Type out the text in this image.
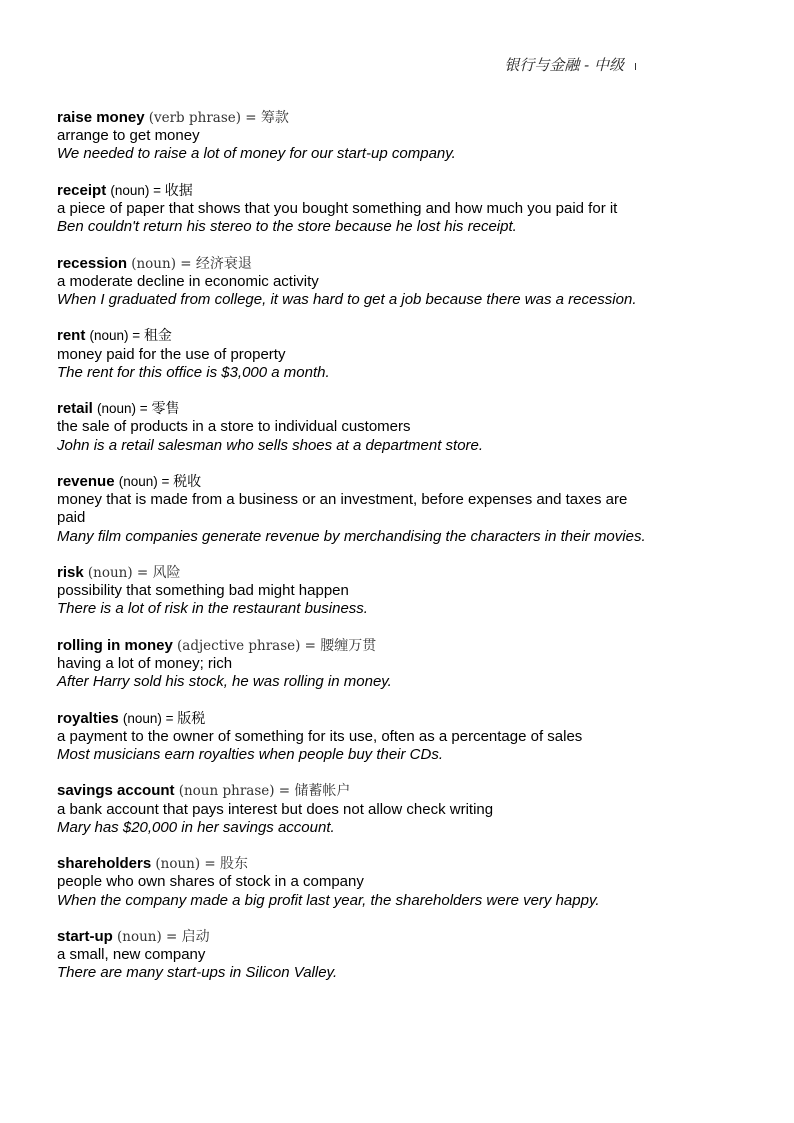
银行与金融 - 中级
raise money (verb phrase) = 筹款
arrange to get money
We needed to raise a lot of money for our start-up company.
receipt (noun) = 收据
a piece of paper that shows that you bought something and how much you paid for it
Ben couldn't return his stereo to the store because he lost his receipt.
recession (noun) = 经济衰退
a moderate decline in economic activity
When I graduated from college, it was hard to get a job because there was a recession.
rent (noun) = 租金
money paid for the use of property
The rent for this office is $3,000 a month.
retail (noun) = 零售
the sale of products in a store to individual customers
John is a retail salesman who sells shoes at a department store.
revenue (noun) = 税收
money that is made from a business or an investment, before expenses and taxes are paid
Many film companies generate revenue by merchandising the characters in their movies.
risk (noun) = 风险
possibility that something bad might happen
There is a lot of risk in the restaurant business.
rolling in money (adjective phrase) = 腰缠万贯
having a lot of money; rich
After Harry sold his stock, he was rolling in money.
royalties (noun) = 版税
a payment to the owner of something for its use, often as a percentage of sales
Most musicians earn royalties when people buy their CDs.
savings account (noun phrase) = 储蓄帐户
a bank account that pays interest but does not allow check writing
Mary has $20,000 in her savings account.
shareholders (noun) = 股东
people who own shares of stock in a company
When the company made a big profit last year, the shareholders were very happy.
start-up (noun) = 启动
a small, new company
There are many start-ups in Silicon Valley.
